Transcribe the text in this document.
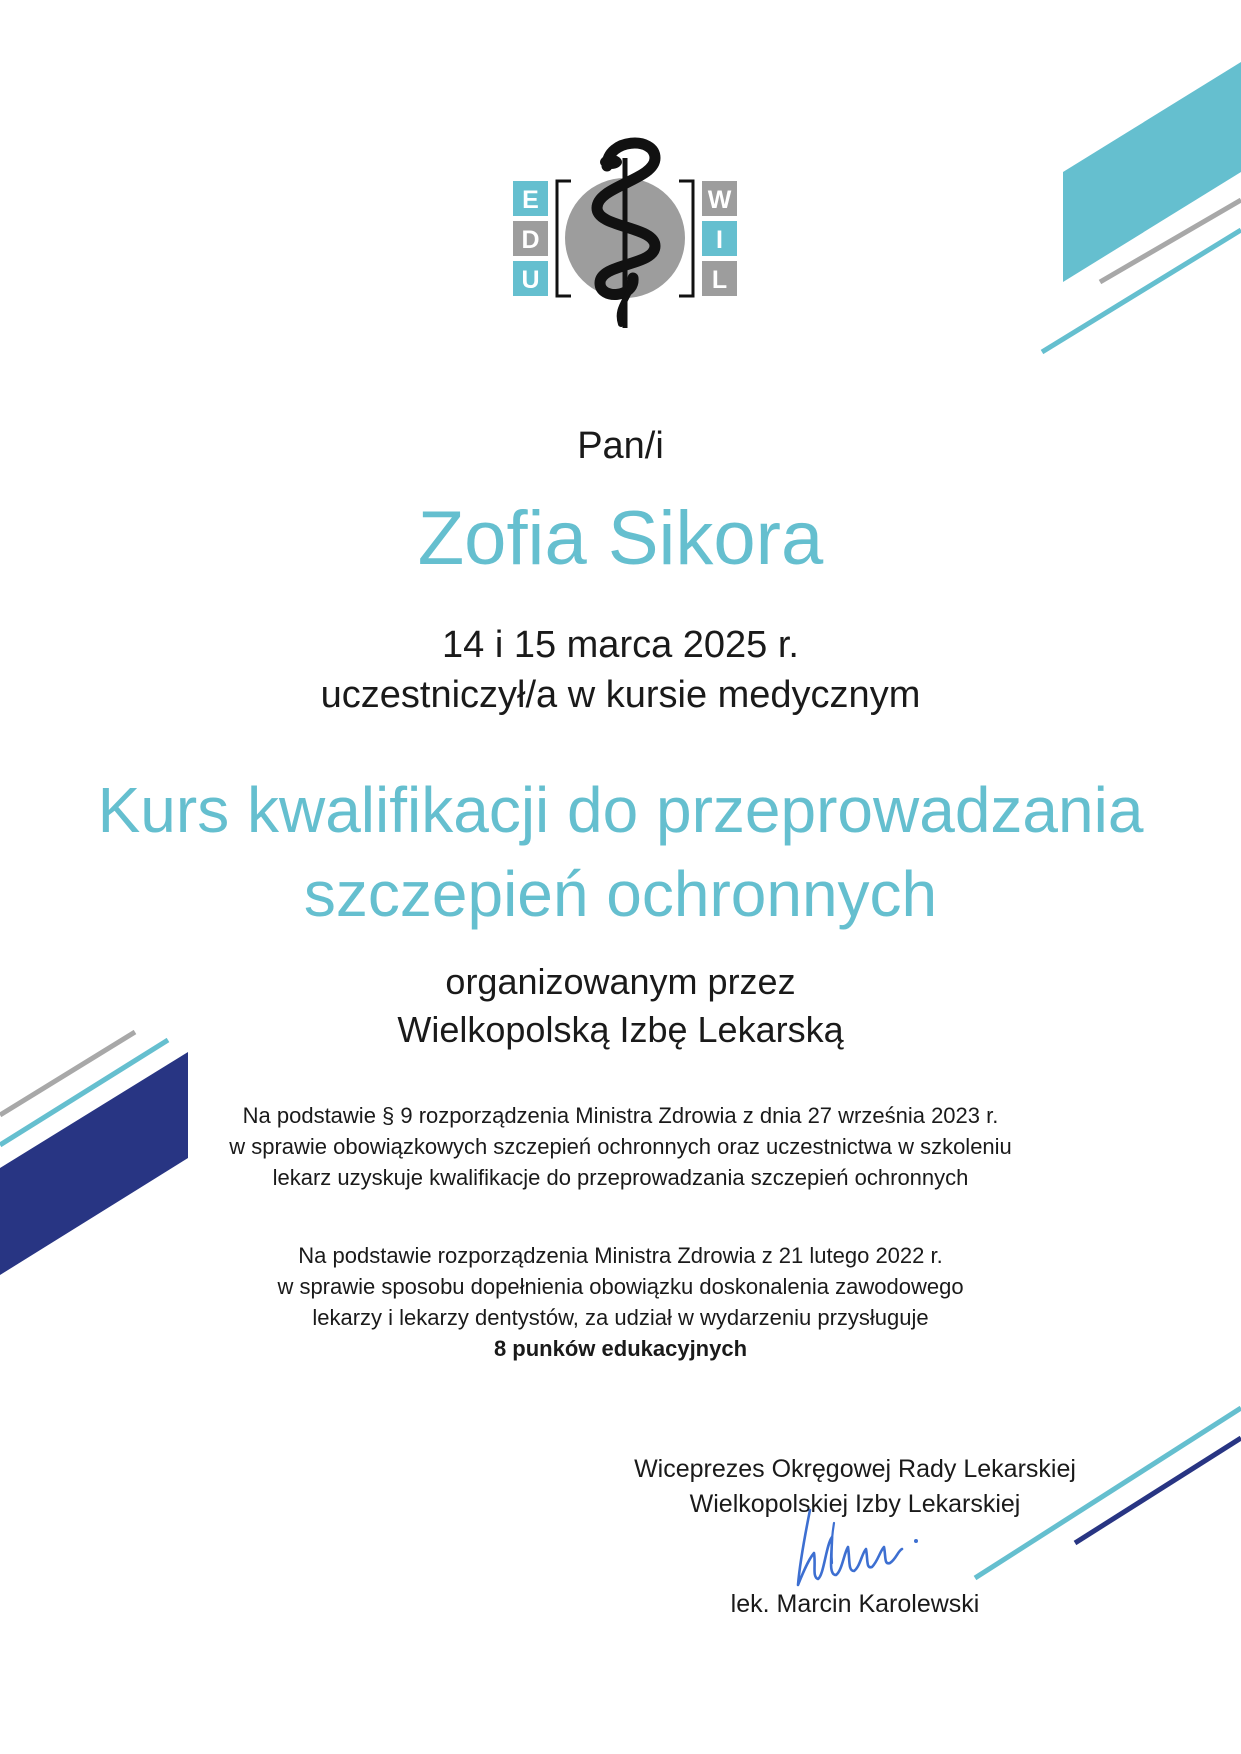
E
D
U
W
I
L
Pan/i
Zofia Sikora
14 i 15 marca 2025 r.
uczestniczył/a w kursie medycznym
Kurs kwalifikacji do przeprowadzania
szczepień ochronnych
organizowanym przez
Wielkopolską Izbę Lekarską
Na podstawie § 9 rozporządzenia Ministra Zdrowia z dnia 27 września 2023 r.
w sprawie obowiązkowych szczepień ochronnych oraz uczestnictwa w szkoleniu
lekarz uzyskuje kwalifikacje do przeprowadzania szczepień ochronnych
Na podstawie rozporządzenia Ministra Zdrowia z 21 lutego 2022 r.
w sprawie sposobu dopełnienia obowiązku doskonalenia zawodowego
lekarzy i lekarzy dentystów, za udział w wydarzeniu przysługuje
8 punków edukacyjnych
Wiceprezes Okręgowej Rady Lekarskiej
Wielkopolskiej Izby Lekarskiej
lek. Marcin Karolewski
